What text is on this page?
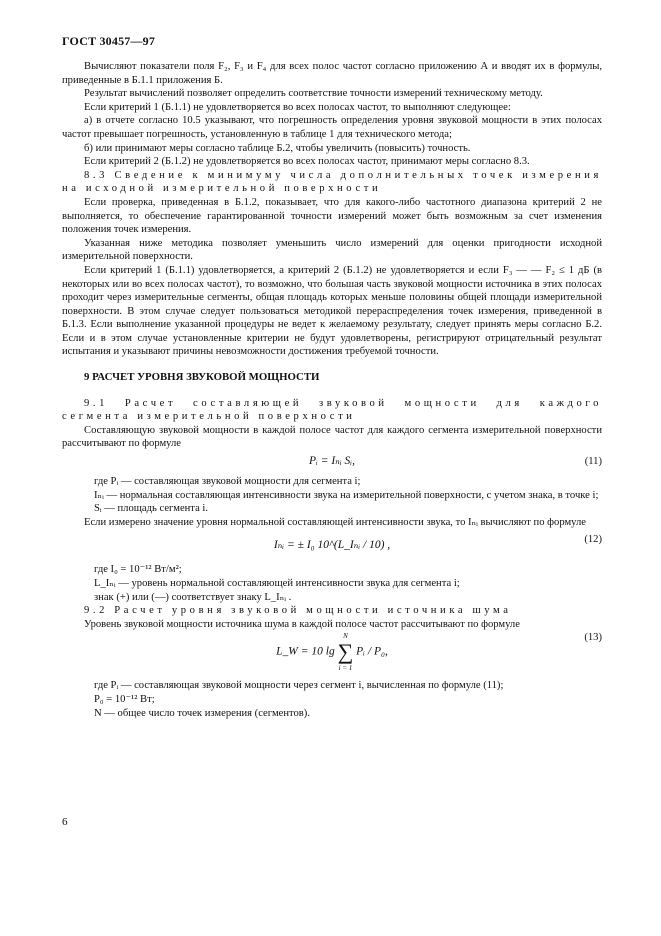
ГОСТ 30457—97

Вычисляют показатели поля F₂, F₃ и F₄ для всех полос частот согласно приложению А и вводят их в формулы, приведенные в Б.1.1 приложения Б.

Результат вычислений позволяет определить соответствие точности измерений техническому методу.

Если критерий 1 (Б.1.1) не удовлетворяется во всех полосах частот, то выполняют следующее:

а) в отчете согласно 10.5 указывают, что погрешность определения уровня звуковой мощности в этих полосах частот превышает погрешность, установленную в таблице 1 для технического метода;

б) или принимают меры согласно таблице Б.2, чтобы увеличить (повысить) точность.

Если критерий 2 (Б.1.2) не удовлетворяется во всех полосах частот, принимают меры согласно 8.3.

8.3 Сведение к минимуму числа дополнительных точек измерения на исходной измерительной поверхности

Если проверка, приведенная в Б.1.2, показывает, что для какого-либо частотного диапазона критерий 2 не выполняется, то обеспечение гарантированной точности измерений может быть возможным за счет изменения положения точек измерения.

Указанная ниже методика позволяет уменьшить число измерений для оценки пригодности исходной измерительной поверхности.

Если критерий 1 (Б.1.1) удовлетворяется, а критерий 2 (Б.1.2) не удовлетворяется и если F₃ — — F₂ ≤ 1 дБ (в некоторых или во всех полосах частот), то возможно, что большая часть звуковой мощности источника в этих полосах проходит через измерительные сегменты, общая площадь которых меньше половины общей площади измерительной поверхности. В этом случае следует пользоваться методикой перераспределения точек измерения, приведенной в Б.1.3. Если выполнение указанной процедуры не ведет к желаемому результату, следует принять меры согласно Б.2. Если и в этом случае установленные критерии не будут удовлетворены, регистрируют отрицательный результат испытания и указывают причины невозможности достижения требуемой точности.

9 РАСЧЕТ УРОВНЯ ЗВУКОВОЙ МОЩНОСТИ

9.1 Расчет составляющей звуковой мощности для каждого сегмента измерительной поверхности

Составляющую звуковой мощности в каждой полосе частот для каждого сегмента измерительной поверхности рассчитывают по формуле

Pᵢ = Iₙᵢ Sᵢ,	(11)

где Pᵢ — составляющая звуковой мощности для сегмента i;

Iₙᵢ — нормальная составляющая интенсивности звука на измерительной поверхности, с учетом знака, в точке i;

Sᵢ — площадь сегмента i.

Если измерено значение уровня нормальной составляющей интенсивности звука, то Iₙᵢ вычисляют по формуле

Iₙᵢ = ± I₀ 10^(L_Iₙᵢ / 10) ,	(12)

где I₀ = 10⁻¹² Вт/м²;

L_Iₙᵢ — уровень нормальной составляющей интенсивности звука для сегмента i;

знак (+) или (—) соответствует знаку L_Iₙᵢ .

9.2 Расчет уровня звуковой мощности источника шума

Уровень звуковой мощности источника шума в каждой полосе частот рассчитывают по формуле

L_W = 10 lg
N
∑
i = 1
Pᵢ / P₀,
(13)

где Pᵢ — составляющая звуковой мощности через сегмент i, вычисленная по формуле (11);

P₀ = 10⁻¹² Вт;

N — общее число точек измерения (сегментов).

6
